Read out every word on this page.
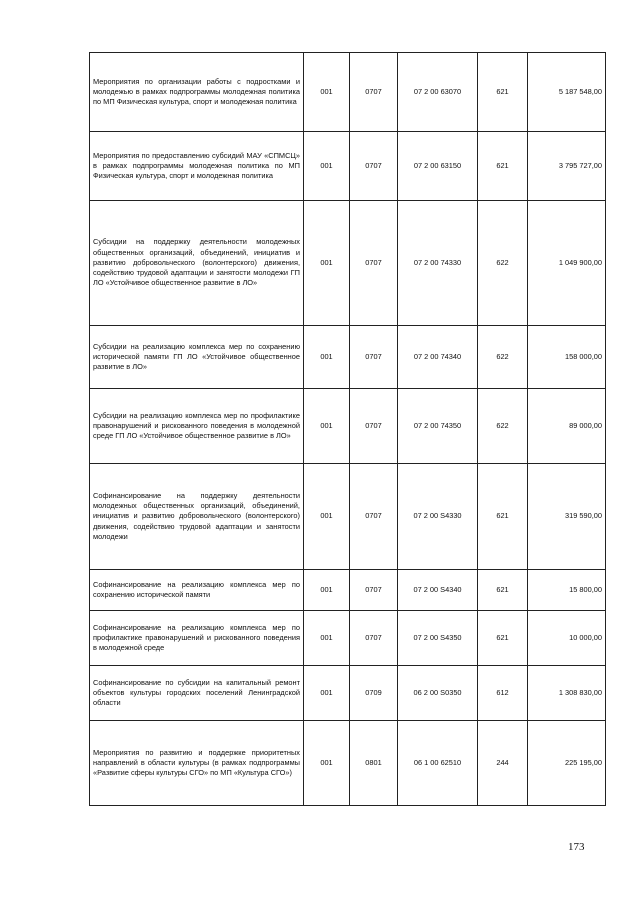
Мероприятия по организации работы с подростками и молодежью в рамках подпрограммы молодежная политика по МП Физическая культура, спорт и молодежная политика	001	0707	07 2 00 63070	621	5 187 548,00
Мероприятия по предоставлению субсидий МАУ «СПМСЦ» в рамках подпрограммы молодежная политика по МП Физическая культура, спорт и молодежная политика	001	0707	07 2 00 63150	621	3 795 727,00
Субсидии на поддержку деятельности молодежных общественных организаций, объединений, инициатив и развитию добровольческого (волонтерского) движения, содействию трудовой адаптации и занятости молодежи ГП ЛО «Устойчивое общественное развитие в ЛО»	001	0707	07 2 00 74330	622	1 049 900,00
Субсидии на реализацию комплекса мер по сохранению исторической памяти ГП ЛО «Устойчивое общественное развитие в ЛО»	001	0707	07 2 00 74340	622	158 000,00
Субсидии на реализацию комплекса мер по профилактике правонарушений и рискованного поведения в молодежной среде ГП ЛО «Устойчивое общественное развитие в ЛО»	001	0707	07 2 00 74350	622	89 000,00
Софинансирование на поддержку деятельности молодежных общественных организаций, объединений, инициатив и развитию добровольческого (волонтерского) движения, содействию трудовой адаптации и занятости молодежи	001	0707	07 2 00 S4330	621	319 590,00
Софинансирование на реализацию комплекса мер по сохранению исторической памяти	001	0707	07 2 00 S4340	621	15 800,00
Софинансирование на реализацию комплекса мер по профилактике правонарушений и рискованного поведения в молодежной среде	001	0707	07 2 00 S4350	621	10 000,00
Софинансирование по субсидии на капитальный ремонт объектов культуры городских поселений Ленинградской области	001	0709	06 2 00 S0350	612	1 308 830,00
Мероприятия по развитию и поддержке приоритетных направлений в области культуры (в рамках подпрограммы «Развитие сферы культуры СГО» по МП «Культура СГО»)	001	0801	06 1 00 62510	244	225 195,00
173
